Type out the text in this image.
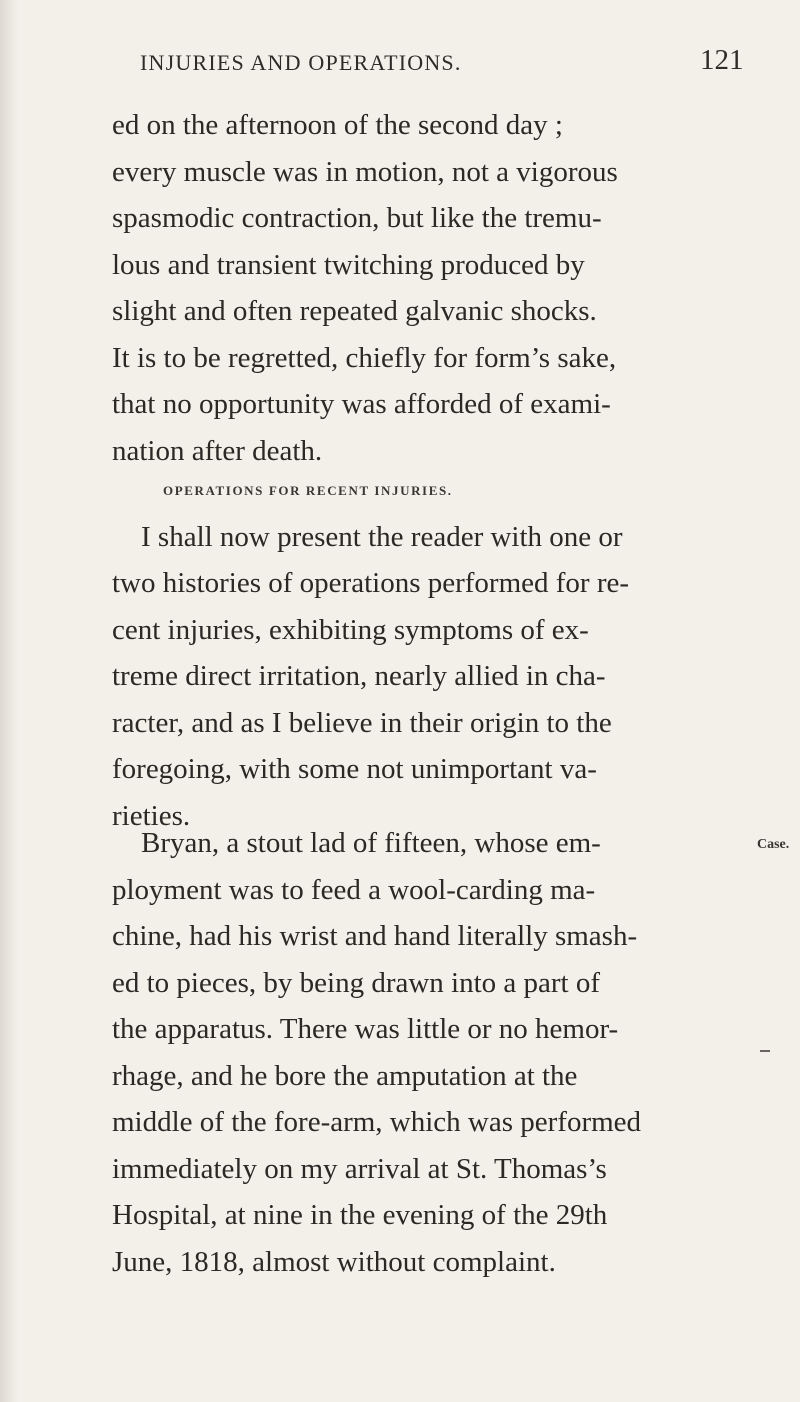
INJURIES AND OPERATIONS.	121
ed on the afternoon of the second day ;
every muscle was in motion, not a vigorous
spasmodic contraction, but like the tremu-
lous and transient twitching produced by
slight and often repeated galvanic shocks.
It is to be regretted, chiefly for form’s sake,
that no opportunity was afforded of exami-
nation after death.
OPERATIONS FOR RECENT INJURIES.
I shall now present the reader with one or
two histories of operations performed for re-
cent injuries, exhibiting symptoms of ex-
treme direct irritation, nearly allied in cha-
racter, and as I believe in their origin to the
foregoing, with some not unimportant va-
rieties.
Bryan, a stout lad of fifteen, whose em-
ployment was to feed a wool-carding ma-
chine, had his wrist and hand literally smash-
ed to pieces, by being drawn into a part of
the apparatus. There was little or no hemor-
rhage, and he bore the amputation at the
middle of the fore-arm, which was performed
immediately on my arrival at St. Thomas’s
Hospital, at nine in the evening of the 29th
June, 1818, almost without complaint.
Case.
